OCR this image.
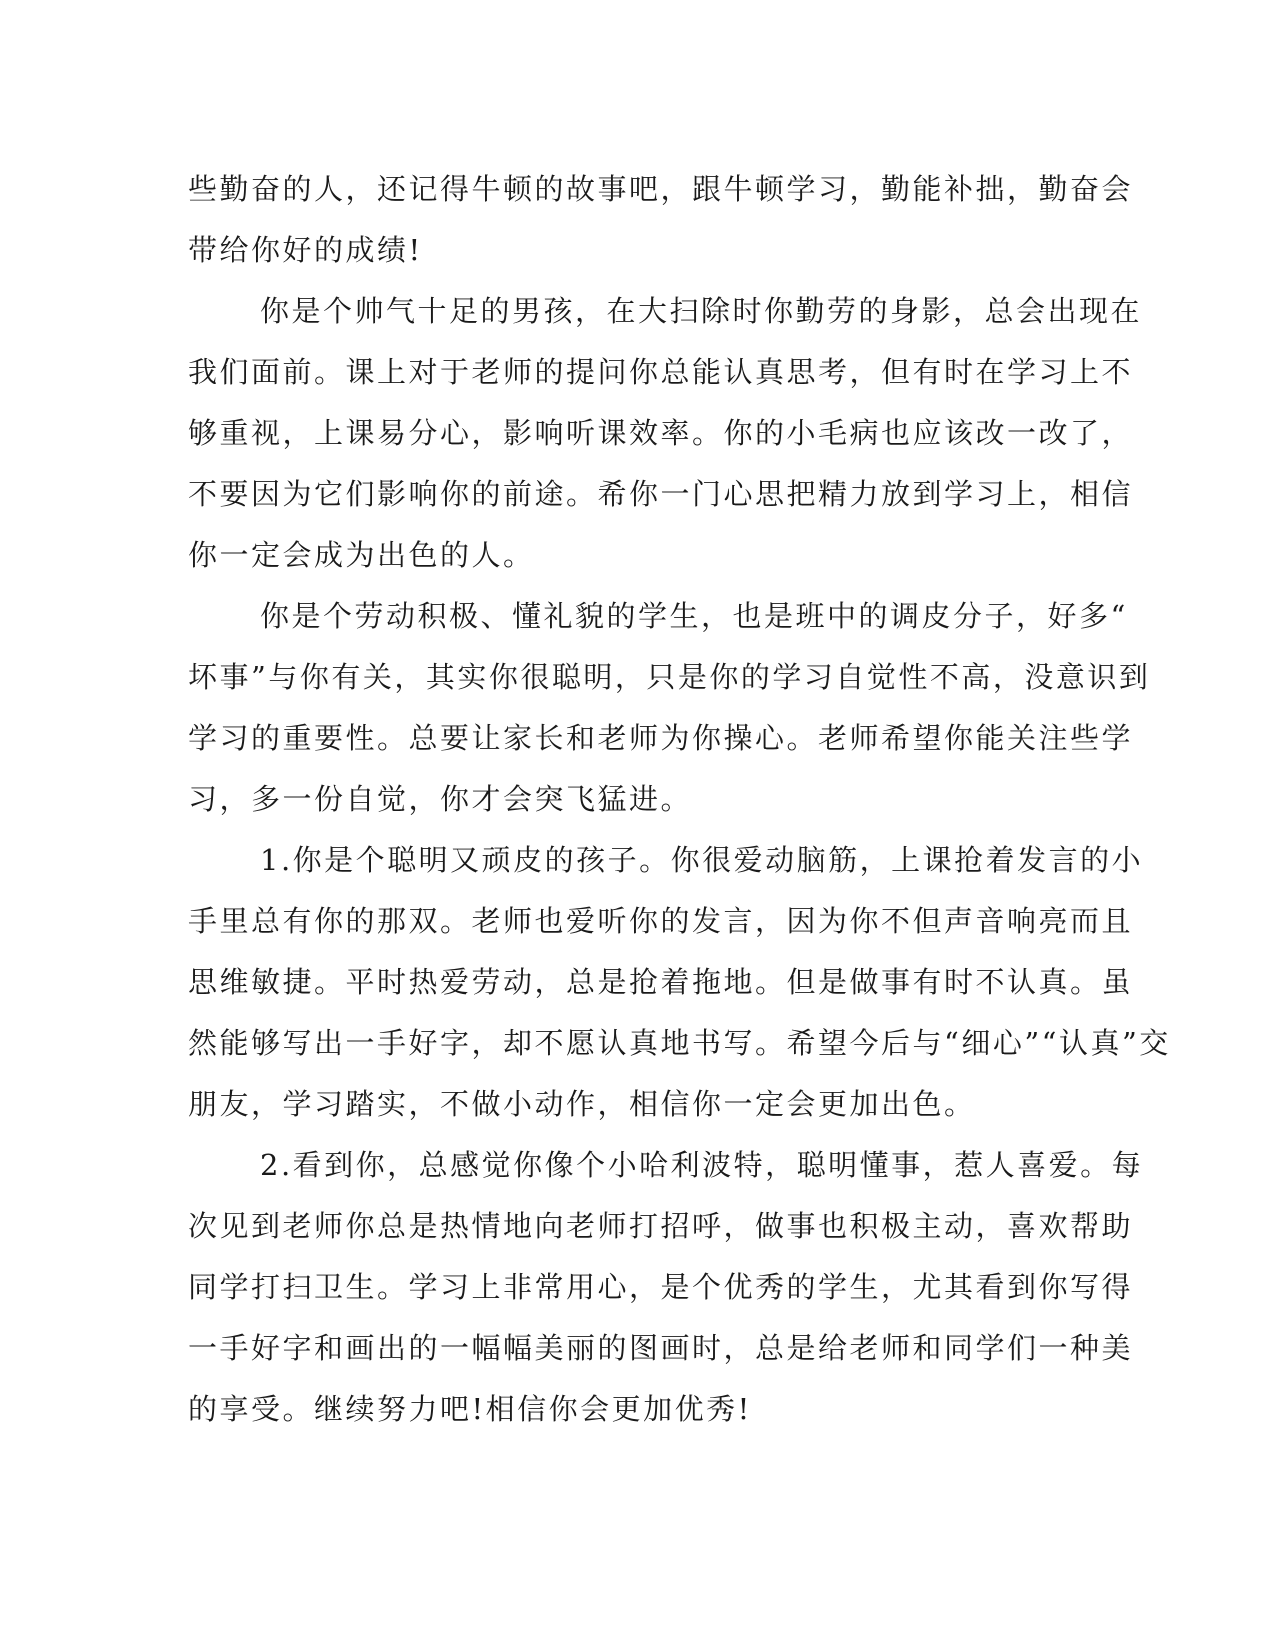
些勤奋的人，还记得牛顿的故事吧，跟牛顿学习，勤能补拙，勤奋会
带给你好的成绩!
你是个帅气十足的男孩，在大扫除时你勤劳的身影，总会出现在
我们面前。课上对于老师的提问你总能认真思考，但有时在学习上不
够重视，上课易分心，影响听课效率。你的小毛病也应该改一改了，
不要因为它们影响你的前途。希你一门心思把精力放到学习上，相信
你一定会成为出色的人。
你是个劳动积极、懂礼貌的学生，也是班中的调皮分子，好多“
坏事”与你有关，其实你很聪明，只是你的学习自觉性不高，没意识到
学习的重要性。总要让家长和老师为你操心。老师希望你能关注些学
习，多一份自觉，你才会突飞猛进。
1.你是个聪明又顽皮的孩子。你很爱动脑筋，上课抢着发言的小
手里总有你的那双。老师也爱听你的发言，因为你不但声音响亮而且
思维敏捷。平时热爱劳动，总是抢着拖地。但是做事有时不认真。虽
然能够写出一手好字，却不愿认真地书写。希望今后与“细心”“认真”交
朋友，学习踏实，不做小动作，相信你一定会更加出色。
2.看到你，总感觉你像个小哈利波特，聪明懂事，惹人喜爱。每
次见到老师你总是热情地向老师打招呼，做事也积极主动，喜欢帮助
同学打扫卫生。学习上非常用心，是个优秀的学生，尤其看到你写得
一手好字和画出的一幅幅美丽的图画时，总是给老师和同学们一种美
的享受。继续努力吧!相信你会更加优秀!
